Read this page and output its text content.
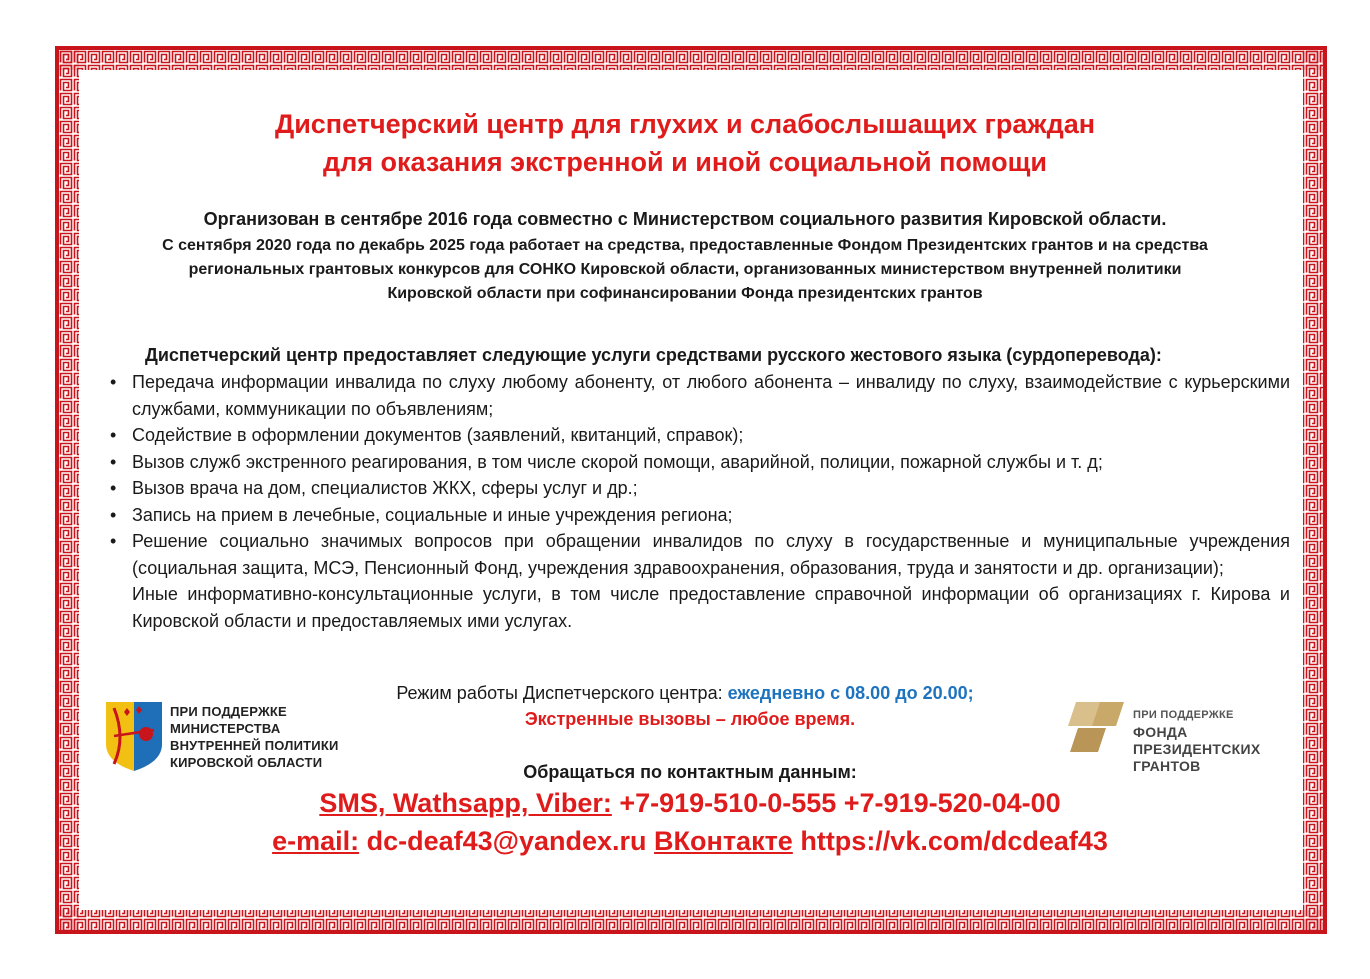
Диспетчерский центр для глухих и слабослышащих граждан
для оказания экстренной и иной социальной помощи
Организован в сентябре 2016 года совместно с Министерством социального развития Кировской области.
С сентября 2020 года по декабрь 2025 года работает на средства, предоставленные Фондом Президентских грантов и на средства
региональных грантовых конкурсов для СОНКО Кировской области, организованных министерством внутренней политики
Кировской области при софинансировании Фонда президентских грантов
Диспетчерский центр предоставляет следующие услуги средствами русского жестового языка (сурдоперевода):
• Передача информации инвалида по слуху любому абоненту, от любого абонента – инвалиду по слуху, взаимодействие с курьерскими службами, коммуникации по объявлениям;
• Содействие в оформлении документов (заявлений, квитанций, справок);
• Вызов служб экстренного реагирования, в том числе скорой помощи, аварийной, полиции, пожарной службы и т. д;
• Вызов врача на дом, специалистов ЖКХ, сферы услуг и др.;
• Запись на прием в лечебные, социальные и иные учреждения региона;
• Решение социально значимых вопросов при обращении инвалидов по слуху в государственные и муниципальные учреждения (социальная защита, МСЭ, Пенсионный Фонд, учреждения здравоохранения, образования, труда и занятости и др. организации);
Иные информативно-консультационные услуги, в том числе предоставление справочной информации об организациях г. Кирова и Кировской области и предоставляемых ими услугах.
Режим работы Диспетчерского центра: ежедневно с 08.00 до 20.00;
Экстренные вызовы – любое время.
Обращаться по контактным данным:
SMS, Wathsapp, Viber: +7-919-510-0-555 +7-919-520-04-00
e-mail: dc-deaf43@yandex.ru ВКонтакте https://vk.com/dcdeaf43
ПРИ ПОДДЕРЖКЕ
МИНИСТЕРСТВА
ВНУТРЕННЕЙ ПОЛИТИКИ
КИРОВСКОЙ ОБЛАСТИ
ПРИ ПОДДЕРЖКЕ
ФОНДА
ПРЕЗИДЕНТСКИХ
ГРАНТОВ
